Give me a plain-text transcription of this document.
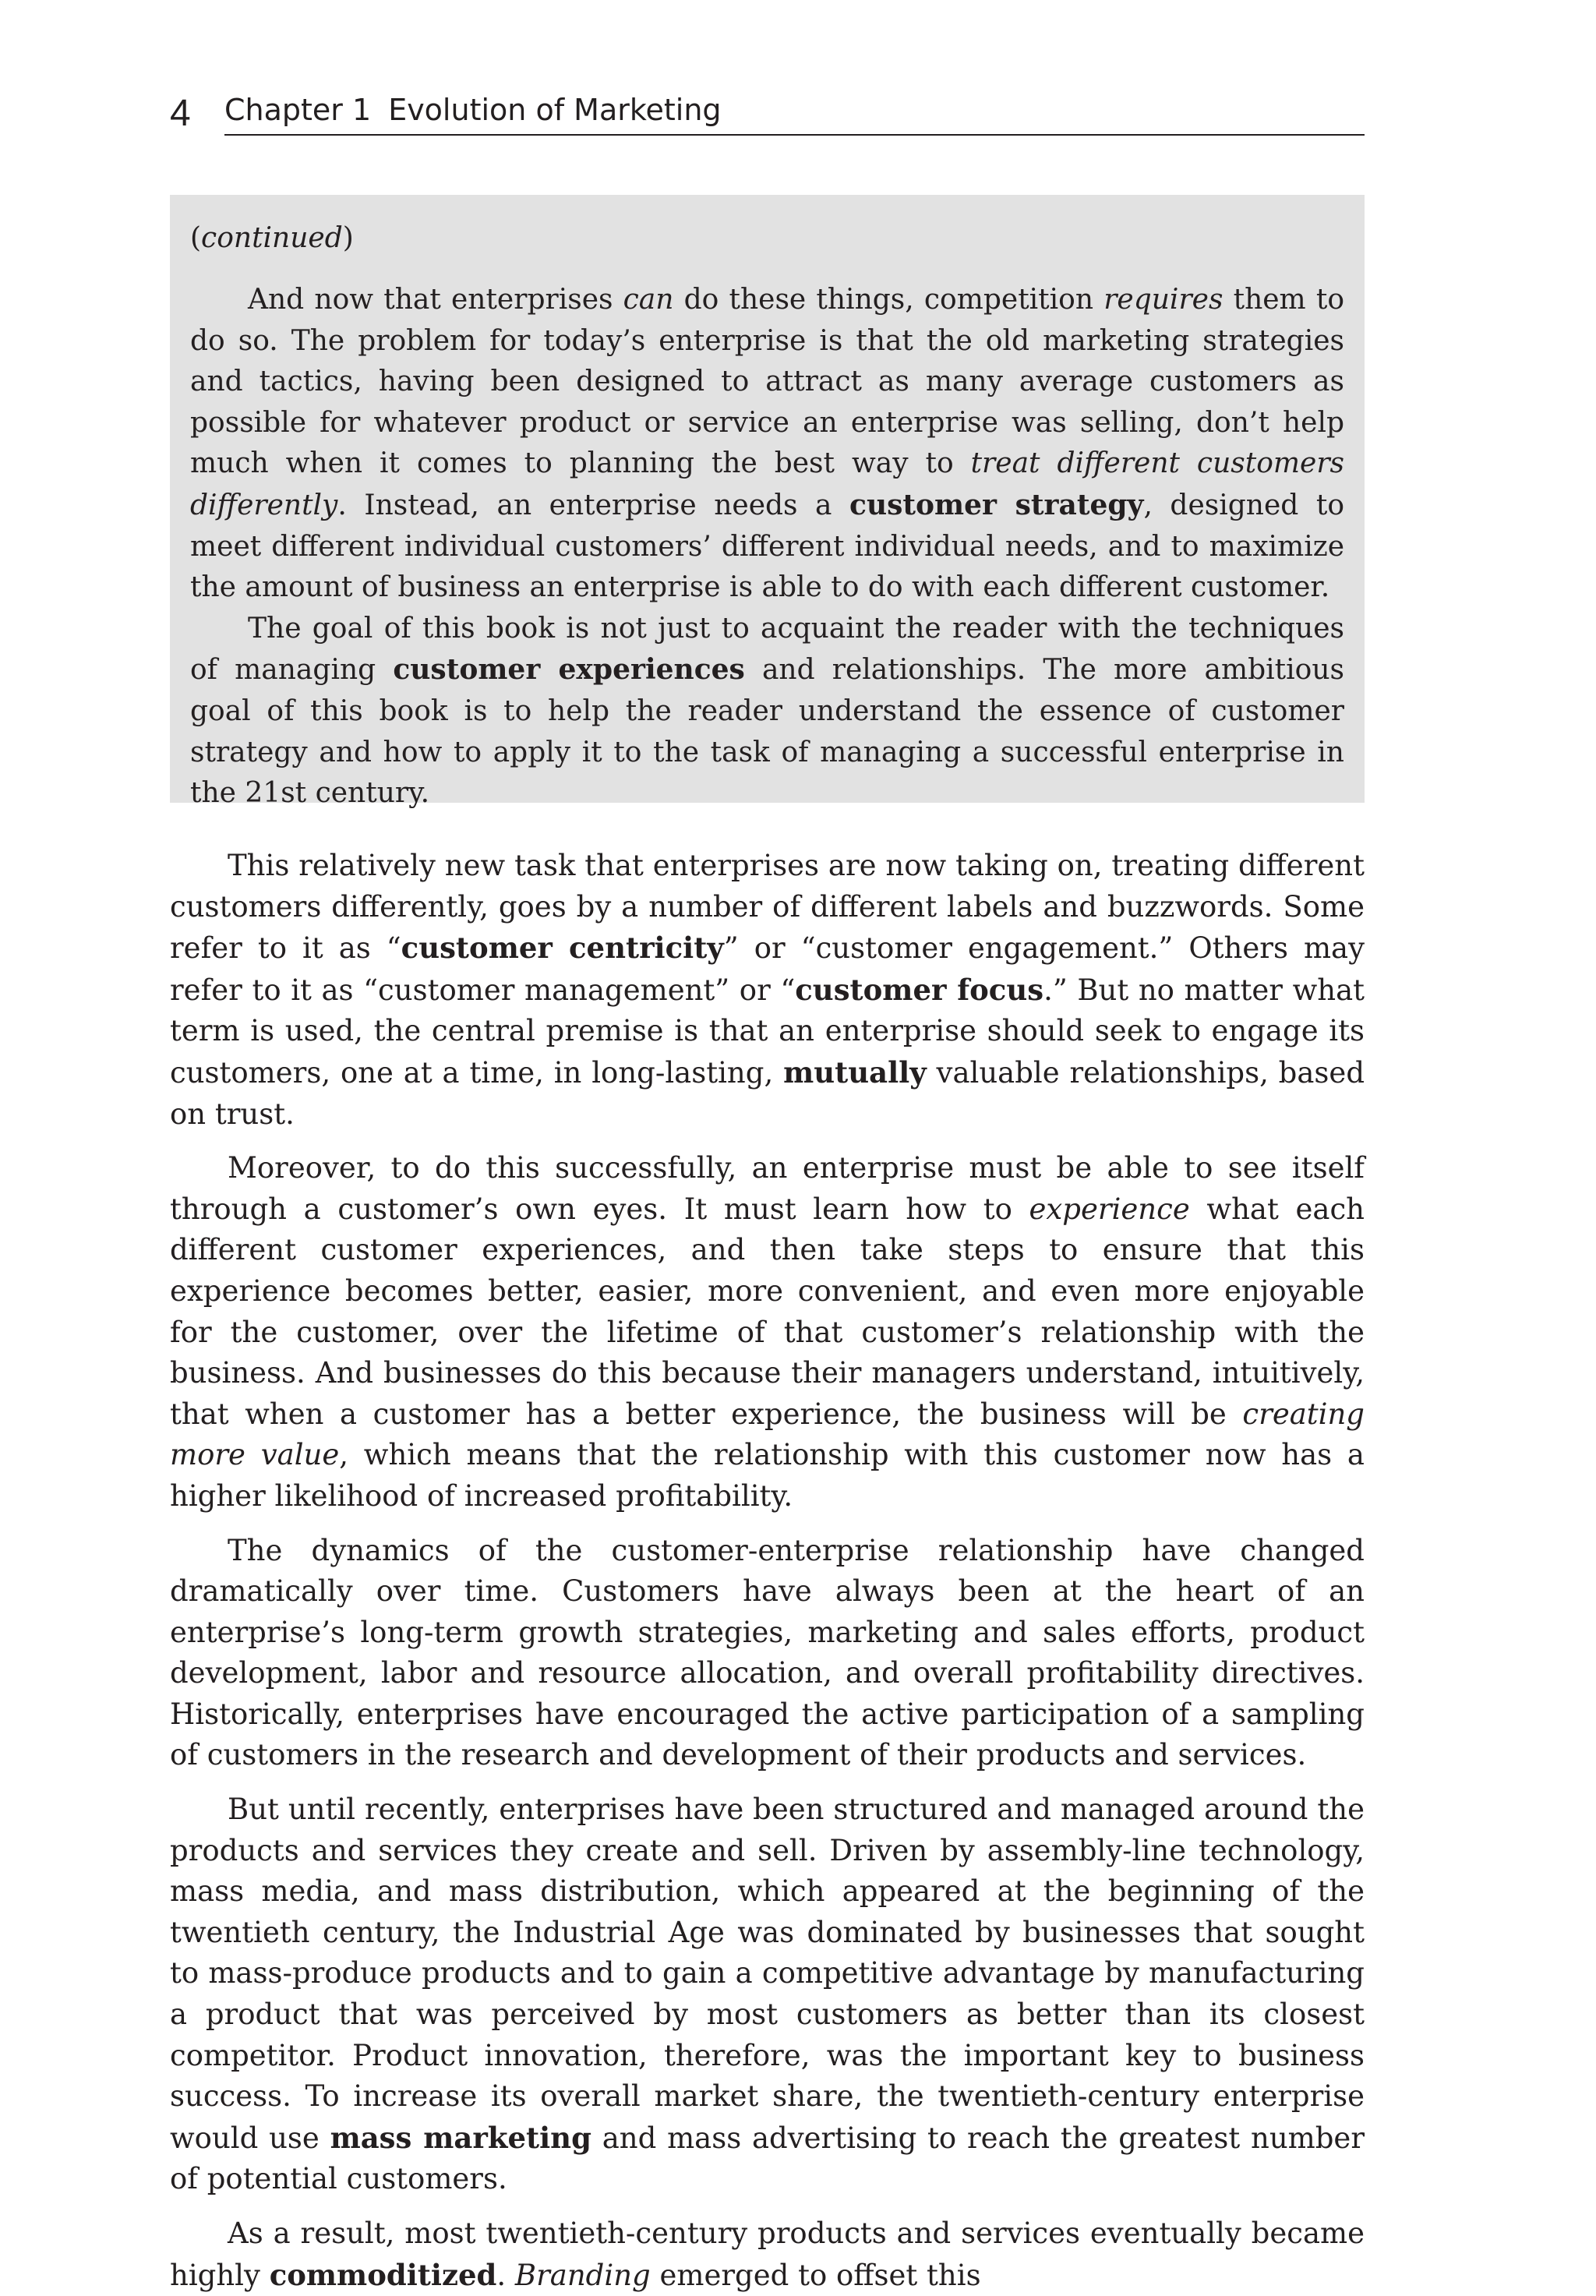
4 Chapter 1 Evolution of Marketing
(continued)

And now that enterprises can do these things, competition requires them to do so. The problem for today’s enterprise is that the old marketing strategies and tactics, having been designed to attract as many average customers as possible for whatever product or service an enterprise was selling, don’t help much when it comes to planning the best way to treat different customers differently. Instead, an enterprise needs a customer strategy, designed to meet different individual customers’ different individual needs, and to maximize the amount of business an enterprise is able to do with each different customer.

The goal of this book is not just to acquaint the reader with the techniques of managing customer experiences and relationships. The more ambitious goal of this book is to help the reader understand the essence of customer strategy and how to apply it to the task of managing a successful enterprise in the 21st century.

This relatively new task that enterprises are now taking on, treating different customers differently, goes by a number of different labels and buzzwords. Some refer to it as “customer centricity” or “customer engagement.” Others may refer to it as “customer management” or “customer focus.” But no matter what term is used, the central premise is that an enterprise should seek to engage its customers, one at a time, in long-lasting, mutually valuable relationships, based on trust.

Moreover, to do this successfully, an enterprise must be able to see itself through a customer’s own eyes. It must learn how to experience what each different customer experiences, and then take steps to ensure that this experience becomes better, easier, more convenient, and even more enjoyable for the customer, over the lifetime of that customer’s relationship with the business. And businesses do this because their managers understand, intuitively, that when a customer has a better experience, the business will be creating more value, which means that the relationship with this customer now has a higher likelihood of increased profitability.

The dynamics of the customer-enterprise relationship have changed dramatically over time. Customers have always been at the heart of an enterprise’s long-term growth strategies, marketing and sales efforts, product development, labor and resource allocation, and overall profitability directives. Historically, enterprises have encouraged the active participation of a sampling of customers in the research and development of their products and services.

But until recently, enterprises have been structured and managed around the products and services they create and sell. Driven by assembly-line technology, mass media, and mass distribution, which appeared at the beginning of the twentieth century, the Industrial Age was dominated by businesses that sought to mass-produce products and to gain a competitive advantage by manufacturing a product that was perceived by most customers as better than its closest competitor. Product innovation, therefore, was the important key to business success. To increase its overall market share, the twentieth-century enterprise would use mass marketing and mass advertising to reach the greatest number of potential customers.

As a result, most twentieth-century products and services eventually became highly commoditized. Branding emerged to offset this
